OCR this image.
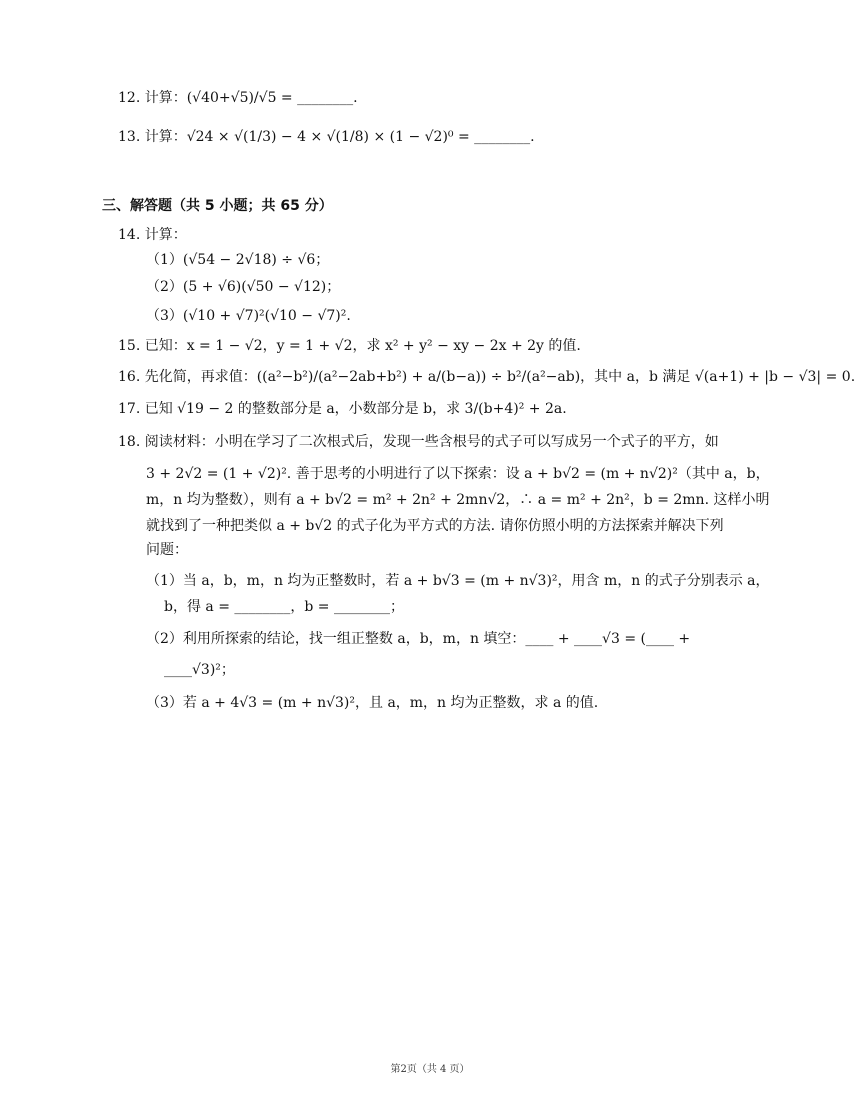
12. 计算：(√40+√5)/√5 = ________.
13. 计算：√24 × √(1/3) − 4 × √(1/8) × (1 − √2)⁰ = ________.
三、解答题（共 5 小题；共 65 分）
14. 计算：
（1）(√54 − 2√18) ÷ √6；
（2）(5 + √6)(√50 − √12)；
（3）(√10 + √7)²(√10 − √7)².
15. 已知：x = 1 − √2，y = 1 + √2，求 x² + y² − xy − 2x + 2y 的值.
16. 先化简，再求值：((a²−b²)/(a²−2ab+b²) + a/(b−a)) ÷ b²/(a²−ab)，其中 a，b 满足 √(a+1) + |b − √3| = 0.
17. 已知 √19 − 2 的整数部分是 a，小数部分是 b，求 3/(b+4)² + 2a.
18. 阅读材料：小明在学习了二次根式后，发现一些含根号的式子可以写成另一个式子的平方，如
3 + 2√2 = (1 + √2)². 善于思考的小明进行了以下探索：设 a + b√2 = (m + n√2)²（其中 a，b，
m，n 均为整数），则有 a + b√2 = m² + 2n² + 2mn√2，∴ a = m² + 2n²，b = 2mn. 这样小明
就找到了一种把类似 a + b√2 的式子化为平方式的方法. 请你仿照小明的方法探索并解决下列
问题：
（1）当 a，b，m，n 均为正整数时，若 a + b√3 = (m + n√3)²，用含 m，n 的式子分别表示 a，
b，得 a = ________，b = ________；
（2）利用所探索的结论，找一组正整数 a，b，m，n 填空：____ + ____√3 = (____ +
____√3)²；
（3）若 a + 4√3 = (m + n√3)²，且 a，m，n 均为正整数，求 a 的值.
第2页（共 4 页）
